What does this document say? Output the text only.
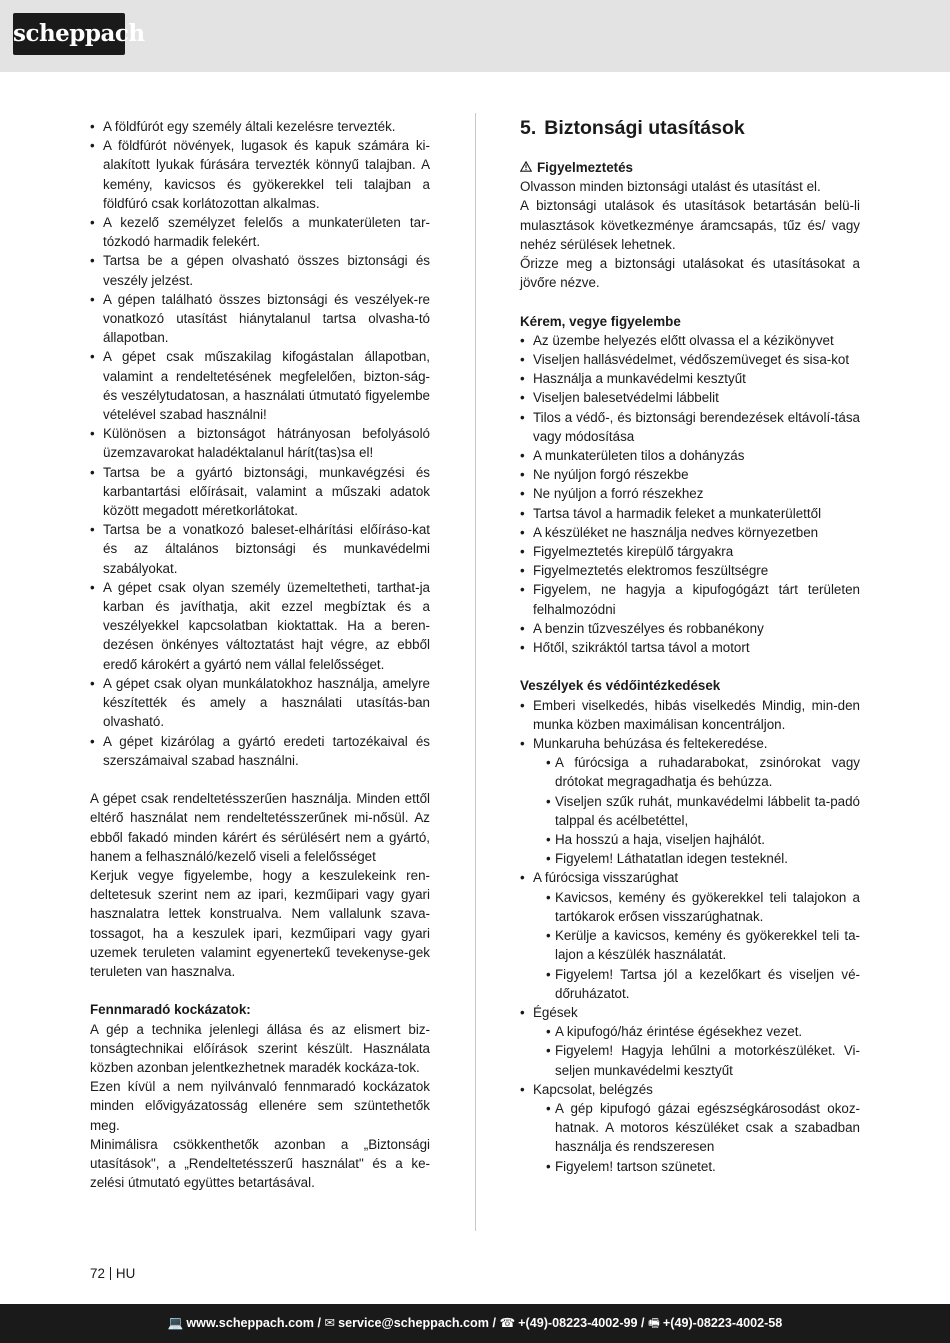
scheppach
• A földfúrót egy személy általi kezelésre tervezték.
• A földfúrót növények, lugasok és kapuk számára ki-alakított lyukak fúrására tervezték könnyű talajban. A kemény, kavicsos és gyökerekkel teli talajban a földfúró csak korlátozottan alkalmas.
• A kezelő személyzet felelős a munkaterületen tar-tózkodó harmadik felekért.
• Tartsa be a gépen olvasható összes biztonsági és veszély jelzést.
• A gépen található összes biztonsági és veszélyek-re vonatkozó utasítást hiánytalanul tartsa olvasha-tó állapotban.
• A gépet csak műszakilag kifogástalan állapotban, valamint a rendeltetésének megfelelően, bizton-ság- és veszélytudatosan, a használati útmutató figyelembe vételével szabad használni!
• Különösen a biztonságot hátrányosan befolyásoló üzemzavarokat haladéktalanul hárít(tas)sa el!
• Tartsa be a gyártó biztonsági, munkavégzési és karbantartási előírásait, valamint a műszaki adatok között megadott méretkorlátokat.
• Tartsa be a vonatkozó baleset-elhárítási előíráso-kat és az általános biztonsági és munkavédelmi szabályokat.
• A gépet csak olyan személy üzemeltetheti, tarthat-ja karban és javíthatja, akit ezzel megbíztak és a veszélyekkel kapcsolatban kioktattak. Ha a beren-dezésen önkényes változtatást hajt végre, az ebből eredő károkért a gyártó nem vállal felelősséget.
• A gépet csak olyan munkálatokhoz használja, amelyre készítették és amely a használati utasítás-ban olvasható.
• A gépet kizárólag a gyártó eredeti tartozékaival és szerszámaival szabad használni.

A gépet csak rendeltetésszerűen használja. Minden ettől eltérő használat nem rendeltetésszerűnek mi-nősül. Az ebből fakadó minden kárért és sérülésért nem a gyártó, hanem a felhasználó/kezelő viseli a felelősséget

Kerjuk vegye figyelembe, hogy a keszulekeink ren-deltetesuk szerint nem az ipari, kezműipari vagy gyari hasznalatra lettek konstrualva. Nem vallalunk szava-tossagot, ha a keszulek ipari, kezműipari vagy gyari uzemek teruleten valamint egyenertekű tevekenyse-gek teruleten van hasznalva.

Fennmaradó kockázatok:

A gép a technika jelenlegi állása és az elismert biz-tonságtechnikai előírások szerint készült. Használata közben azonban jelentkezhetnek maradék kockáza-tok.

Ezen kívül a nem nyilvánvaló fennmaradó kockázatok minden elővigyázatosság ellenére sem szüntethetők meg.

Minimálisra csökkenthetők azonban a „Biztonsági utasítások", a „Rendeltetésszerű használat" és a ke-zelési útmutató együttes betartásával.

5. Biztonsági utasítások

Figyelmeztetés

Olvasson minden biztonsági utalást és utasítást el.

A biztonsági utalások és utasítások betartásán belü-li mulasztások következménye áramcsapás, tűz és/ vagy nehéz sérülések lehetnek.

Őrizze meg a biztonsági utalásokat és utasításokat a jövőre nézve.

Kérem, vegye figyelembe

• Az üzembe helyezés előtt olvassa el a kézikönyvet
• Viseljen hallásvédelmet, védőszemüveget és sisa-kot
• Használja a munkavédelmi kesztyűt
• Viseljen balesetvédelmi lábbelit
• Tilos a védő-, és biztonsági berendezések eltávolí-tása vagy módosítása
• A munkaterületen tilos a dohányzás
• Ne nyúljon forgó részekbe
• Ne nyúljon a forró részekhez
• Tartsa távol a harmadik feleket a munkaterülettől
• A készüléket ne használja nedves környezetben
• Figyelmeztetés kirepülő tárgyakra
• Figyelmeztetés elektromos feszültségre
• Figyelem, ne hagyja a kipufogógázt tárt területen felhalmozódni
• A benzin tűzveszélyes és robbanékony
• Hőtől, szikráktól tartsa távol a motort

Veszélyek és védőintézkedések

• Emberi viselkedés, hibás viselkedés Mindig, min-den munka közben maximálisan koncentráljon.
• Munkaruha behúzása és feltekeredése.
• A fúrócsiga a ruhadarabokat, zsinórokat vagy drótokat megragadhatja és behúzza.
• Viseljen szűk ruhát, munkavédelmi lábbelit ta-padó talppal és acélbetéttel,
• Ha hosszú a haja, viseljen hajhálót.
• Figyelem! Láthatatlan idegen testeknél.
• A fúrócsiga visszarúghat
• Kavicsos, kemény és gyökerekkel teli talajokon a tartókarok erősen visszarúghatnak.
• Kerülje a kavicsos, kemény és gyökerekkel teli ta-lajon a készülék használatát.
• Figyelem! Tartsa jól a kezelőkart és viseljen vé-dőruházatot.
• Égések
• A kipufogó/ház érintése égésekhez vezet.
• Figyelem! Hagyja lehűlni a motorkészüléket. Vi-seljen munkavédelmi kesztyűt
• Kapcsolat, belégzés
• A gép kipufogó gázai egészségkárosodást okoz-hatnak. A motoros készüléket csak a szabadban használja és rendszeresen
• Figyelem! tartson szünetet.
72 HU
💻 www.scheppach.com / ✉ service@scheppach.com / ☎ +(49)-08223-4002-99 / 🖷 +(49)-08223-4002-58
